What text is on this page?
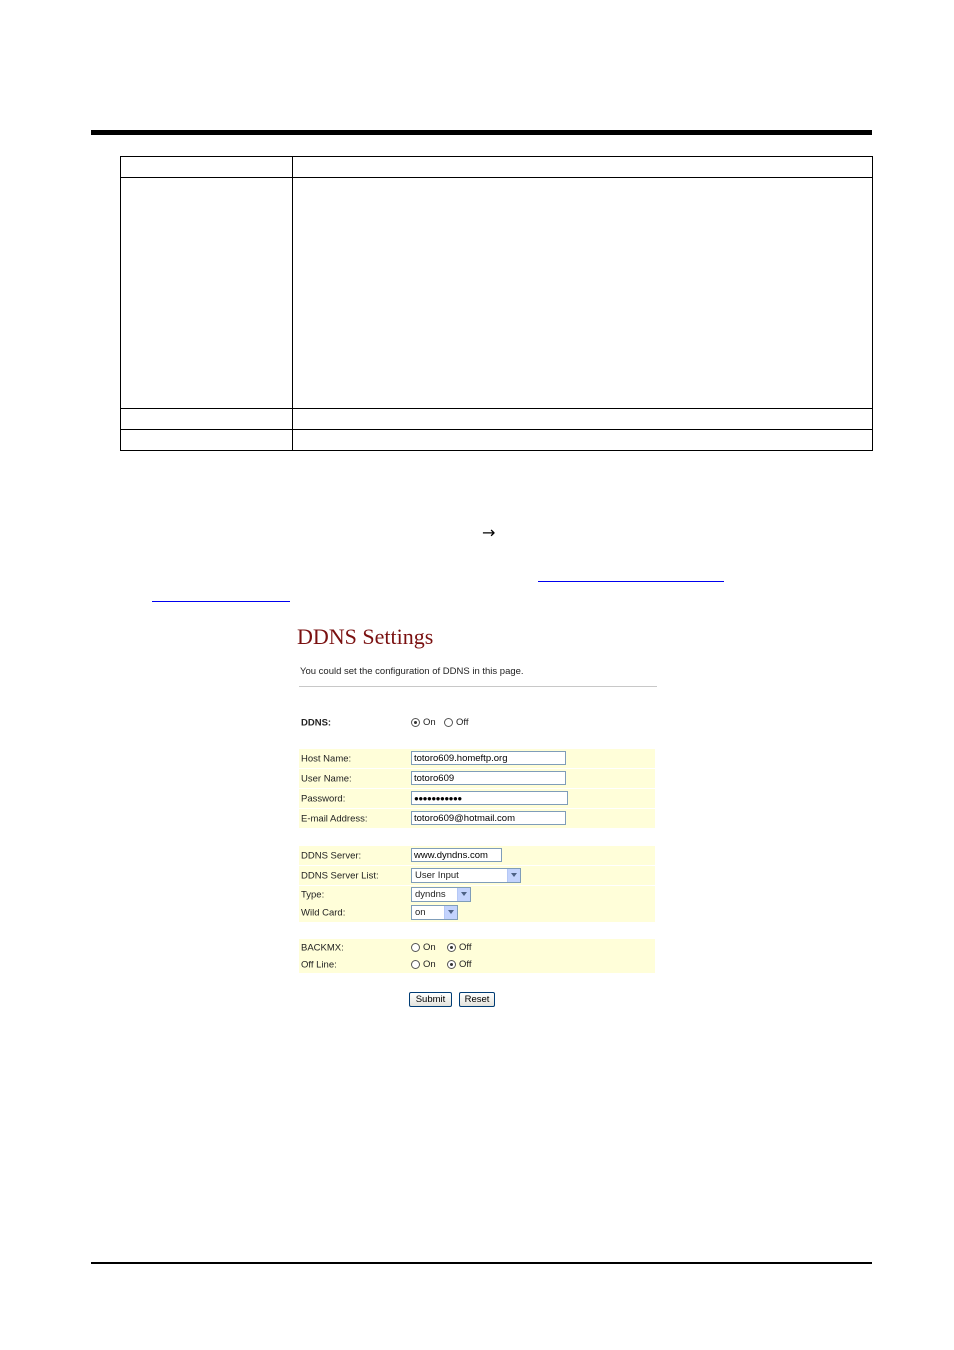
→
DDNS Settings
You could set the configuration of DDNS in this page.
DDNS:	On Off
Host Name:	totoro609.homeftp.org
User Name:	totoro609
Password:	●●●●●●●●●●●
E-mail Address:	totoro609@hotmail.com
DDNS Server:	www.dyndns.com
DDNS Server List:	User Input
Type:	dyndns
Wild Card:	on
BACKMX:	On Off
Off Line:	On Off
Submit	Reset
